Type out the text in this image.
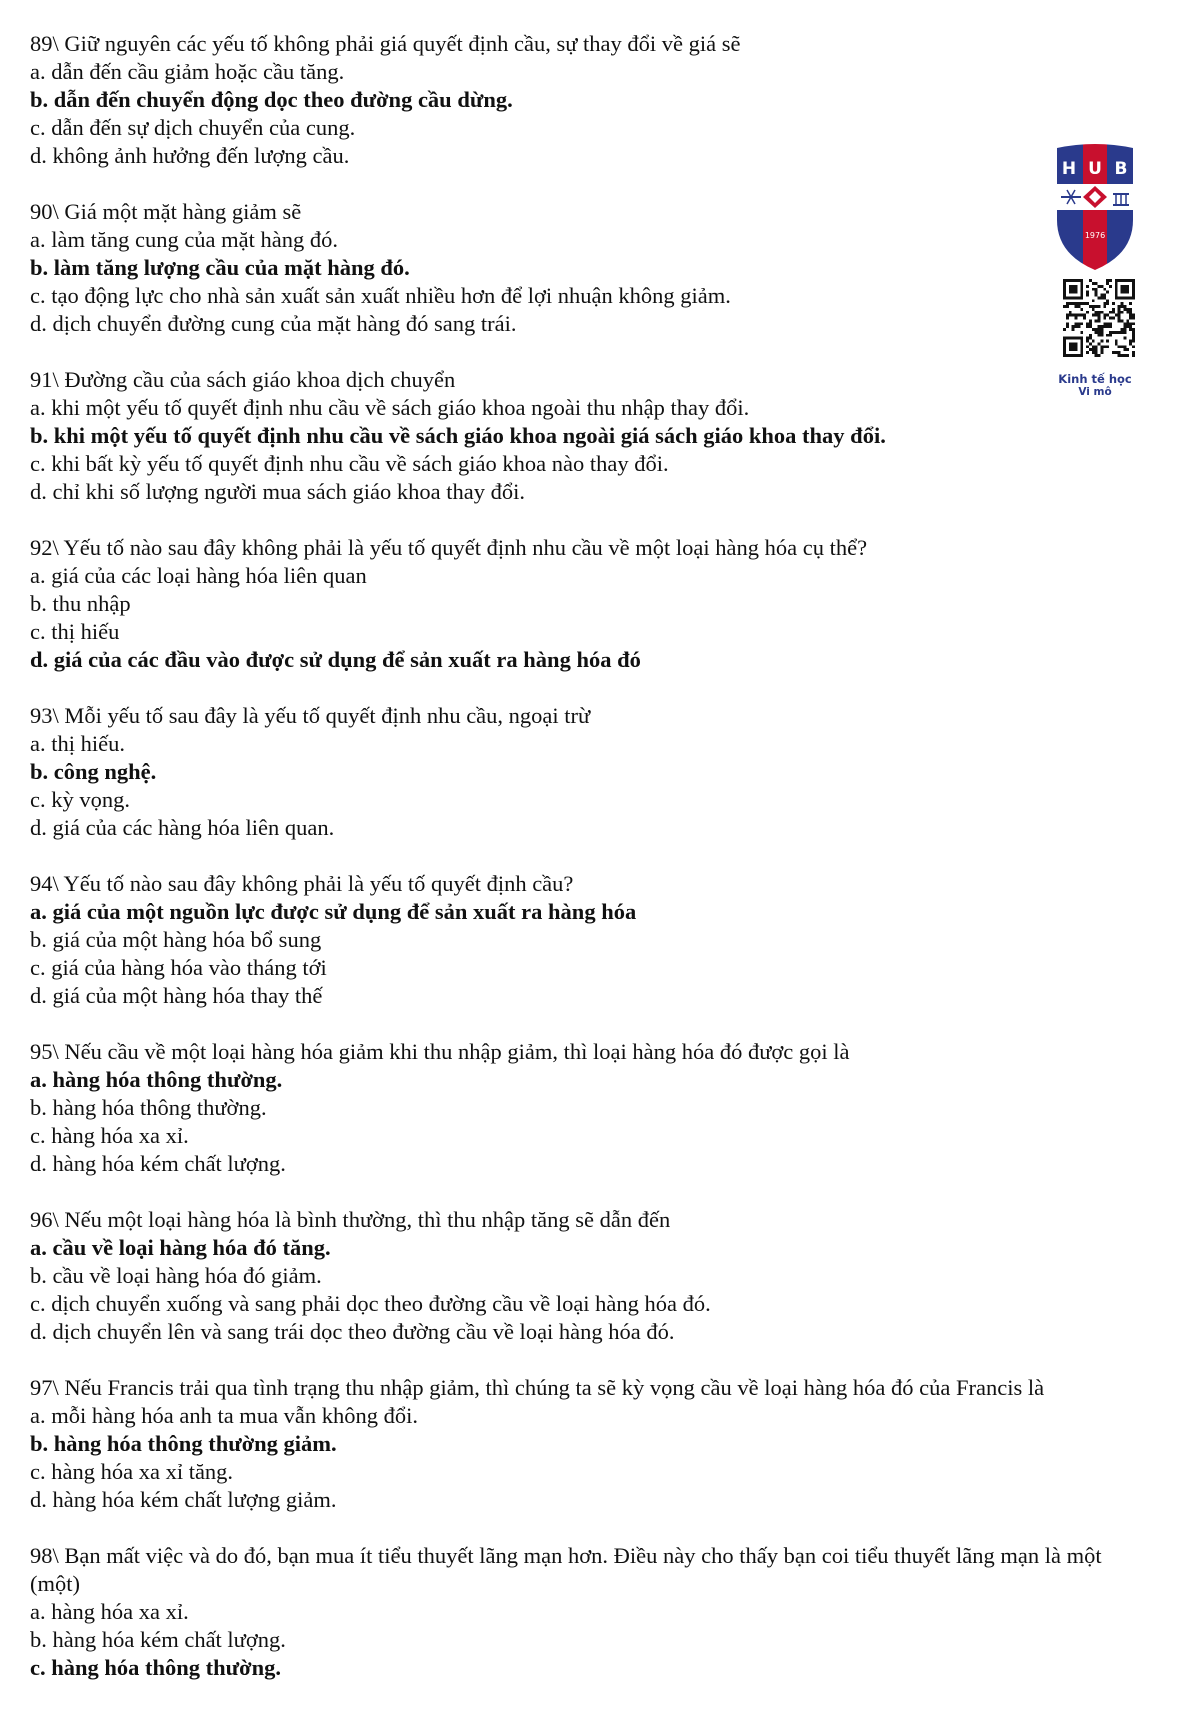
89\ Giữ nguyên các yếu tố không phải giá quyết định cầu, sự thay đổi về giá sẽ
a. dẫn đến cầu giảm hoặc cầu tăng.
b. dẫn đến chuyển động dọc theo đường cầu dừng.
c. dẫn đến sự dịch chuyển của cung.
d. không ảnh hưởng đến lượng cầu.
90\ Giá một mặt hàng giảm sẽ
a. làm tăng cung của mặt hàng đó.
b. làm tăng lượng cầu của mặt hàng đó.
c. tạo động lực cho nhà sản xuất sản xuất nhiều hơn để lợi nhuận không giảm.
d. dịch chuyển đường cung của mặt hàng đó sang trái.
91\ Đường cầu của sách giáo khoa dịch chuyển
a. khi một yếu tố quyết định nhu cầu về sách giáo khoa ngoài thu nhập thay đổi.
b. khi một yếu tố quyết định nhu cầu về sách giáo khoa ngoài giá sách giáo khoa thay đổi.
c. khi bất kỳ yếu tố quyết định nhu cầu về sách giáo khoa nào thay đổi.
d. chỉ khi số lượng người mua sách giáo khoa thay đổi.
92\ Yếu tố nào sau đây không phải là yếu tố quyết định nhu cầu về một loại hàng hóa cụ thể?
a. giá của các loại hàng hóa liên quan
b. thu nhập
c. thị hiếu
d. giá của các đầu vào được sử dụng để sản xuất ra hàng hóa đó
93\ Mỗi yếu tố sau đây là yếu tố quyết định nhu cầu, ngoại trừ
a. thị hiếu.
b. công nghệ.
c. kỳ vọng.
d. giá của các hàng hóa liên quan.
94\ Yếu tố nào sau đây không phải là yếu tố quyết định cầu?
a. giá của một nguồn lực được sử dụng để sản xuất ra hàng hóa
b. giá của một hàng hóa bổ sung
c. giá của hàng hóa vào tháng tới
d. giá của một hàng hóa thay thế
95\ Nếu cầu về một loại hàng hóa giảm khi thu nhập giảm, thì loại hàng hóa đó được gọi là
a. hàng hóa thông thường.
b. hàng hóa thông thường.
c. hàng hóa xa xỉ.
d. hàng hóa kém chất lượng.
96\ Nếu một loại hàng hóa là bình thường, thì thu nhập tăng sẽ dẫn đến
a. cầu về loại hàng hóa đó tăng.
b. cầu về loại hàng hóa đó giảm.
c. dịch chuyển xuống và sang phải dọc theo đường cầu về loại hàng hóa đó.
d. dịch chuyển lên và sang trái dọc theo đường cầu về loại hàng hóa đó.
97\ Nếu Francis trải qua tình trạng thu nhập giảm, thì chúng ta sẽ kỳ vọng cầu về loại hàng hóa đó của Francis là
a. mỗi hàng hóa anh ta mua vẫn không đổi.
b. hàng hóa thông thường giảm.
c. hàng hóa xa xỉ tăng.
d. hàng hóa kém chất lượng giảm.
98\ Bạn mất việc và do đó, bạn mua ít tiểu thuyết lãng mạn hơn. Điều này cho thấy bạn coi tiểu thuyết lãng mạn là một (một)
a. hàng hóa xa xỉ.
b. hàng hóa kém chất lượng.
c. hàng hóa thông thường.
H U B
1976
Kinh tế học
Vi mô
